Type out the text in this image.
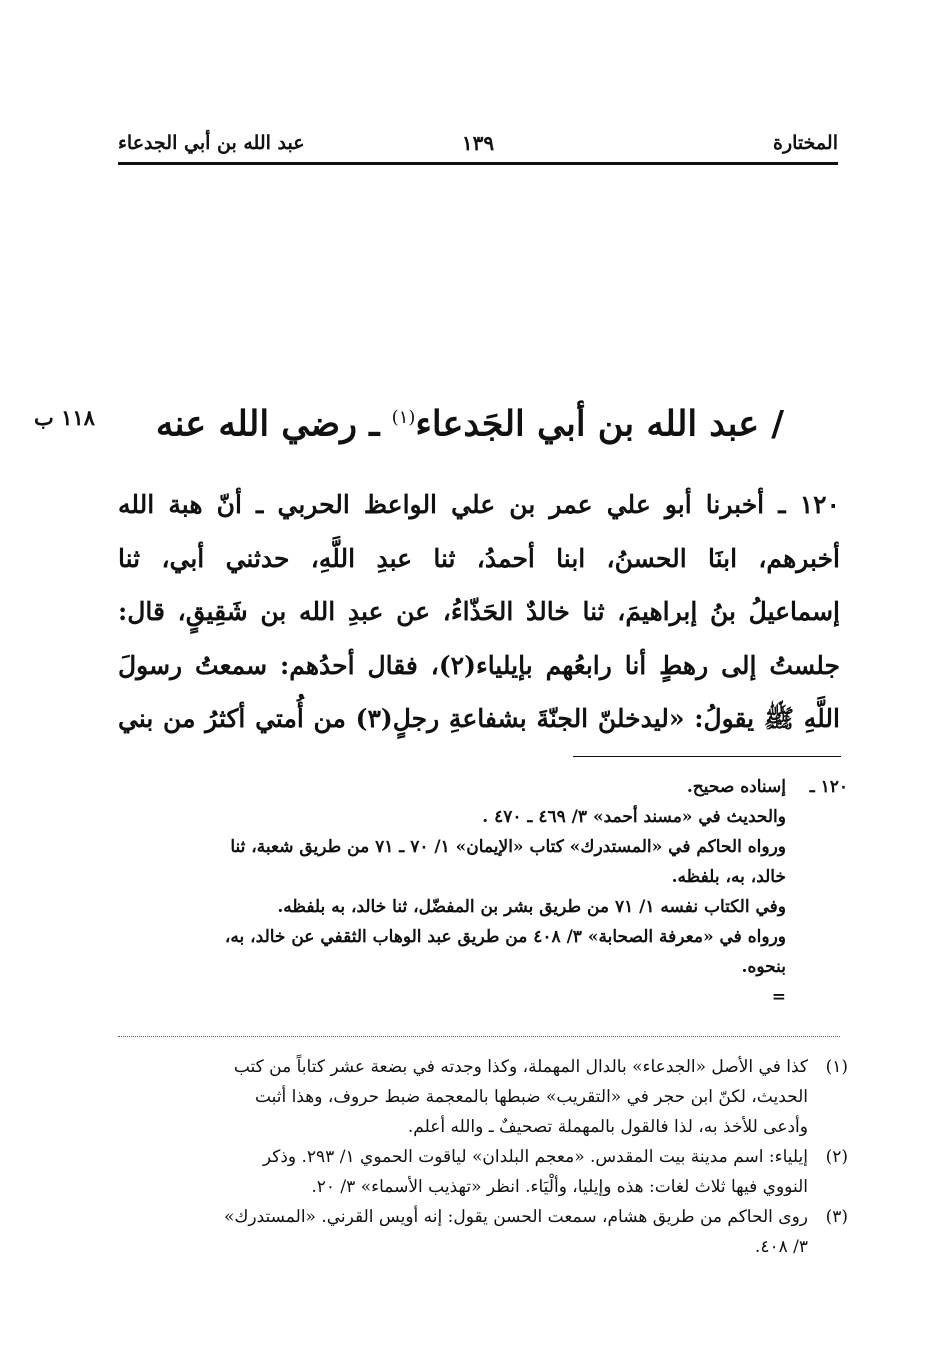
المختارة
١٣٩
عبد الله بن أبي الجدعاء
١١٨ ب	/ عبد الله بن أبي الجَدعاء$^{(١)}$ ـ رضي الله عنه

١٢٠ ـ أخبرنا أبو علي عمر بن علي الواعظ الحربي ـ أنّ هبة الله

أخبرهم، ابنَا الحسنُ، ابنا أحمدُ، ثنا عبدِ اللَّهِ، حدثني أبي، ثنا

إسماعيلُ بنُ إبراهيمَ، ثنا خالدٌ الحَذّاءُ، عن عبدِ الله بن شَقِيقٍ، قال:

جلستُ إلى رهطٍ أنا رابعُهم بإيلياء(٢)، فقال أحدُهم: سمعتُ رسولَ

اللَّهِ ﷺ يقولُ: «ليدخلنّ الجنّةَ بشفاعةِ رجلٍ(٣) من أُمتي أكثرُ من بني

١٢٠ ـإسناده صحيح.
والحديث في «مسند أحمد» ٣/ ٤٦٩ ـ ٤٧٠ .
ورواه الحاكم في «المستدرك» كتاب «الإيمان» ١/ ٧٠ ـ ٧١ من طريق شعبة، ثنا
خالد، به، بلفظه.
وفي الكتاب نفسه ١/ ٧١ من طريق بشر بن المفضّل، ثنا خالد، به بلفظه.
ورواه في «معرفة الصحابة» ٣/ ٤٠٨ من طريق عبد الوهاب الثقفي عن خالد، به،
بنحوه.
=
(١)كذا في الأصل «الجدعاء» بالدال المهملة، وكذا وجدته في بضعة عشر كتاباً من كتب
الحديث، لكنّ ابن حجر في «التقريب» ضبطها بالمعجمة ضبط حروف، وهذا أثبت
وأدعى للأخذ به، لذا فالقول بالمهملة تصحيفٌ ـ والله أعلم.
(٢)إيلياء: اسم مدينة بيت المقدس. «معجم البلدان» لياقوت الحموي ١/ ٢٩٣. وذكر
النووي فيها ثلاث لغات: هذه وإيليا، وألْيَاء. انظر «تهذيب الأسماء» ٣/ ٢٠.
(٣)روى الحاكم من طريق هشام، سمعت الحسن يقول: إنه أويس القرني. «المستدرك»
٣/ ٤٠٨.
